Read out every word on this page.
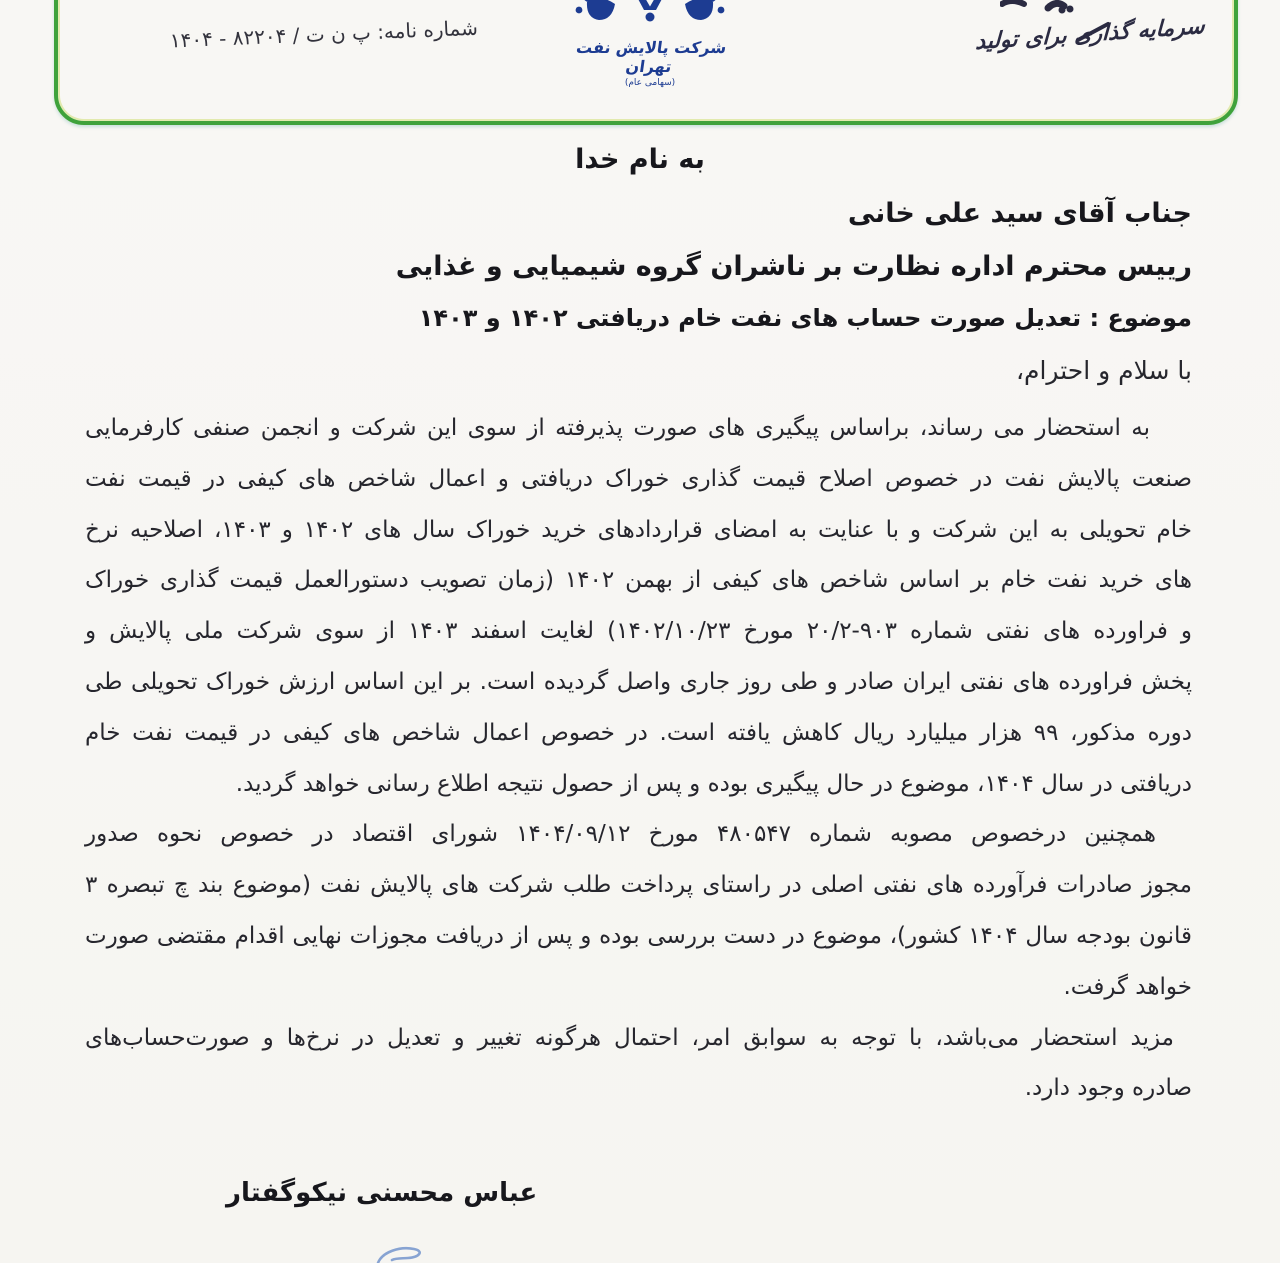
شماره نامه: پ ن ت / ۸۲۲۰۴ - ۱۴۰۴	شرکت پالایش نفت تهران
(سهامی عام)
سرمایه گذاری برای تولید
به نام خدا
جناب آقای سید علی خانی
رییس محترم اداره نظارت بر ناشران گروه شیمیایی و غذایی
موضوع : تعدیل صورت حساب های نفت خام دریافتی ۱۴۰۲ و ۱۴۰۳
با سلام و احترام،
به استحضار می رساند، براساس پیگیری های صورت پذیرفته از سوی این شرکت و انجمن صنفی کارفرمایی
صنعت پالایش نفت در خصوص اصلاح قیمت گذاری خوراک دریافتی و اعمال شاخص های کیفی در قیمت نفت
خام تحویلی به این شرکت و با عنایت به امضای قراردادهای خرید خوراک سال های ۱۴۰۲ و ۱۴۰۳، اصلاحیه نرخ
های خرید نفت خام بر اساس شاخص های کیفی از بهمن ۱۴۰۲ (زمان تصویب دستورالعمل قیمت گذاری خوراک
و فراورده های نفتی شماره ۹۰۳-۲۰/۲ مورخ ۱۴۰۲/۱۰/۲۳) لغایت اسفند ۱۴۰۳ از سوی شرکت ملی پالایش و
پخش فراورده های نفتی ایران صادر و طی روز جاری واصل گردیده است. بر این اساس ارزش خوراک تحویلی طی
دوره مذکور، ۹۹ هزار میلیارد ریال کاهش یافته است. در خصوص اعمال شاخص های کیفی در قیمت نفت خام
دریافتی در سال ۱۴۰۴، موضوع در حال پیگیری بوده و پس از حصول نتیجه اطلاع رسانی خواهد گردید.
همچنین درخصوص مصوبه شماره ۴۸۰۵۴۷ مورخ ۱۴۰۴/۰۹/۱۲ شورای اقتصاد در خصوص نحوه صدور
مجوز صادرات فرآورده های نفتی اصلی در راستای پرداخت طلب شرکت های پالایش نفت (موضوع بند چ تبصره ۳
قانون بودجه سال ۱۴۰۴ کشور)، موضوع در دست بررسی بوده و پس از دریافت مجوزات نهایی اقدام مقتضی صورت
خواهد گرفت.
مزید استحضار می‌باشد، با توجه به سوابق امر، احتمال هرگونه تغییر و تعدیل در نرخ‌ها و صورت‌حساب‌های
صادره وجود دارد.
عباس محسنی نیکوگفتار
